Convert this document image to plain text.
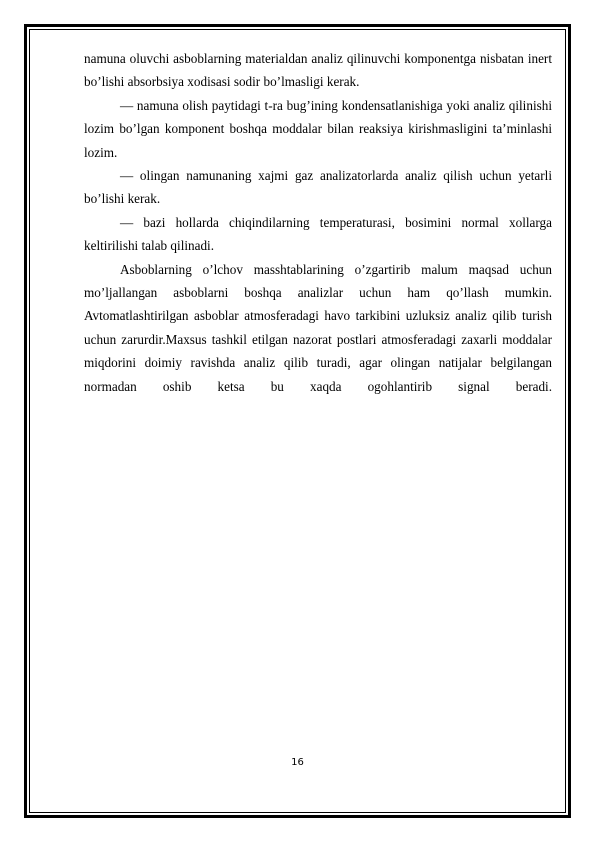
namuna oluvchi asboblarning materialdan analiz qilinuvchi komponentga nisbatan inert bo’lishi absorbsiya xodisasi sodir bo’lmasligi kerak.

— namuna olish paytidagi t-ra bug’ining kondensatlanishiga yoki analiz qilinishi lozim bo’lgan komponent boshqa moddalar bilan reaksiya kirishmasligini ta’minlashi lozim.

— olingan namunaning xajmi gaz analizatorlarda analiz qilish uchun yetarli bo’lishi kerak.

— bazi hollarda chiqindilarning temperaturasi, bosimini normal xollarga keltirilishi talab qilinadi.

Asboblarning o’lchov masshtablarining o’zgartirib malum maqsad uchun mo’ljallangan asboblarni boshqa analizlar uchun ham qo’llash mumkin. Avtomatlashtirilgan asboblar atmosferadagi havo tarkibini uzluksiz analiz qilib turish uchun zarurdir.Maxsus tashkil etilgan nazorat postlari atmosferadagi zaxarli moddalar miqdorini doimiy ravishda analiz qilib turadi, agar olingan natijalar belgilangan normadan oshib ketsa bu xaqda ogohlantirib signal beradi.

16
